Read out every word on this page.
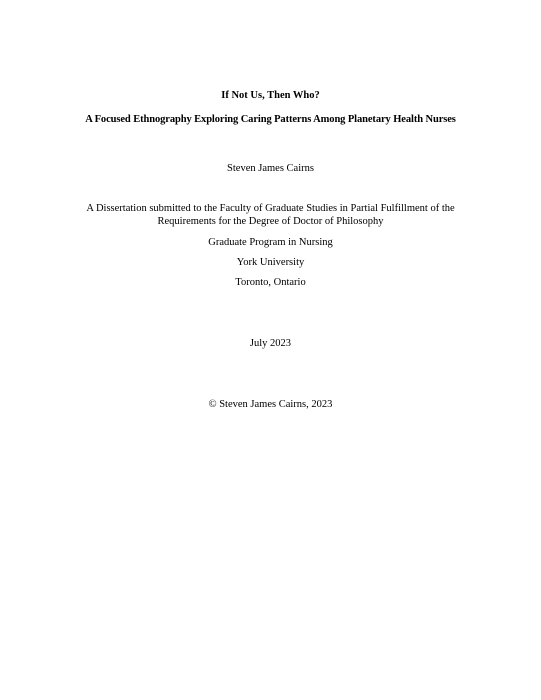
If Not Us, Then Who?
A Focused Ethnography Exploring Caring Patterns Among Planetary Health Nurses
Steven James Cairns
A Dissertation submitted to the Faculty of Graduate Studies in Partial Fulfillment of the
Requirements for the Degree of Doctor of Philosophy
Graduate Program in Nursing
York University
Toronto, Ontario
July 2023
© Steven James Cairns, 2023
